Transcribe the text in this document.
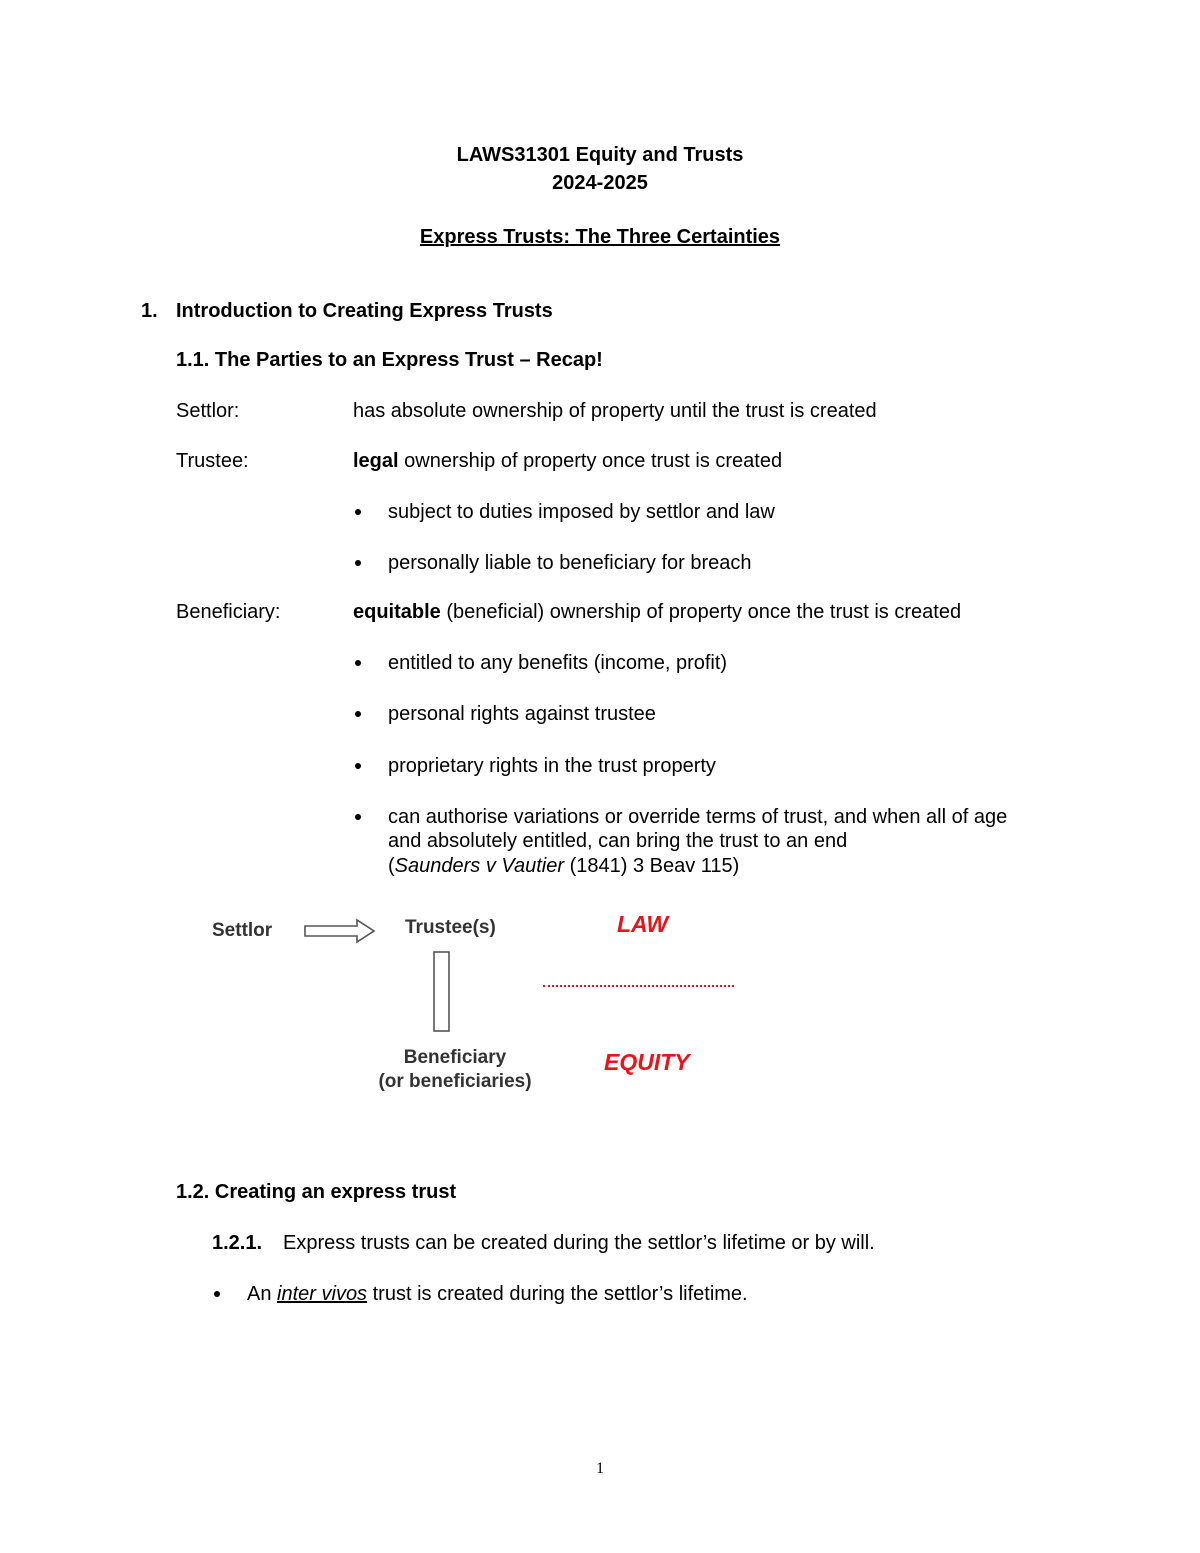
LAWS31301 Equity and Trusts
2024-2025
Express Trusts: The Three Certainties
1. Introduction to Creating Express Trusts
1.1. The Parties to an Express Trust – Recap!
Settlor:	has absolute ownership of property until the trust is created
Trustee:	legal ownership of property once trust is created
subject to duties imposed by settlor and law
personally liable to beneficiary for breach
Beneficiary:	equitable (beneficial) ownership of property once the trust is created
entitled to any benefits (income, profit)
personal rights against trustee
proprietary rights in the trust property
can authorise variations or override terms of trust, and when all of age
and absolutely entitled, can bring the trust to an end
(Saunders v Vautier (1841) 3 Beav 115)
Settlor	Trustee(s)
Beneficiary
(or beneficiaries)
LAW
EQUITY
1.2. Creating an express trust
1.2.1. Express trusts can be created during the settlor’s lifetime or by will.
An inter vivos trust is created during the settlor’s lifetime.
1
